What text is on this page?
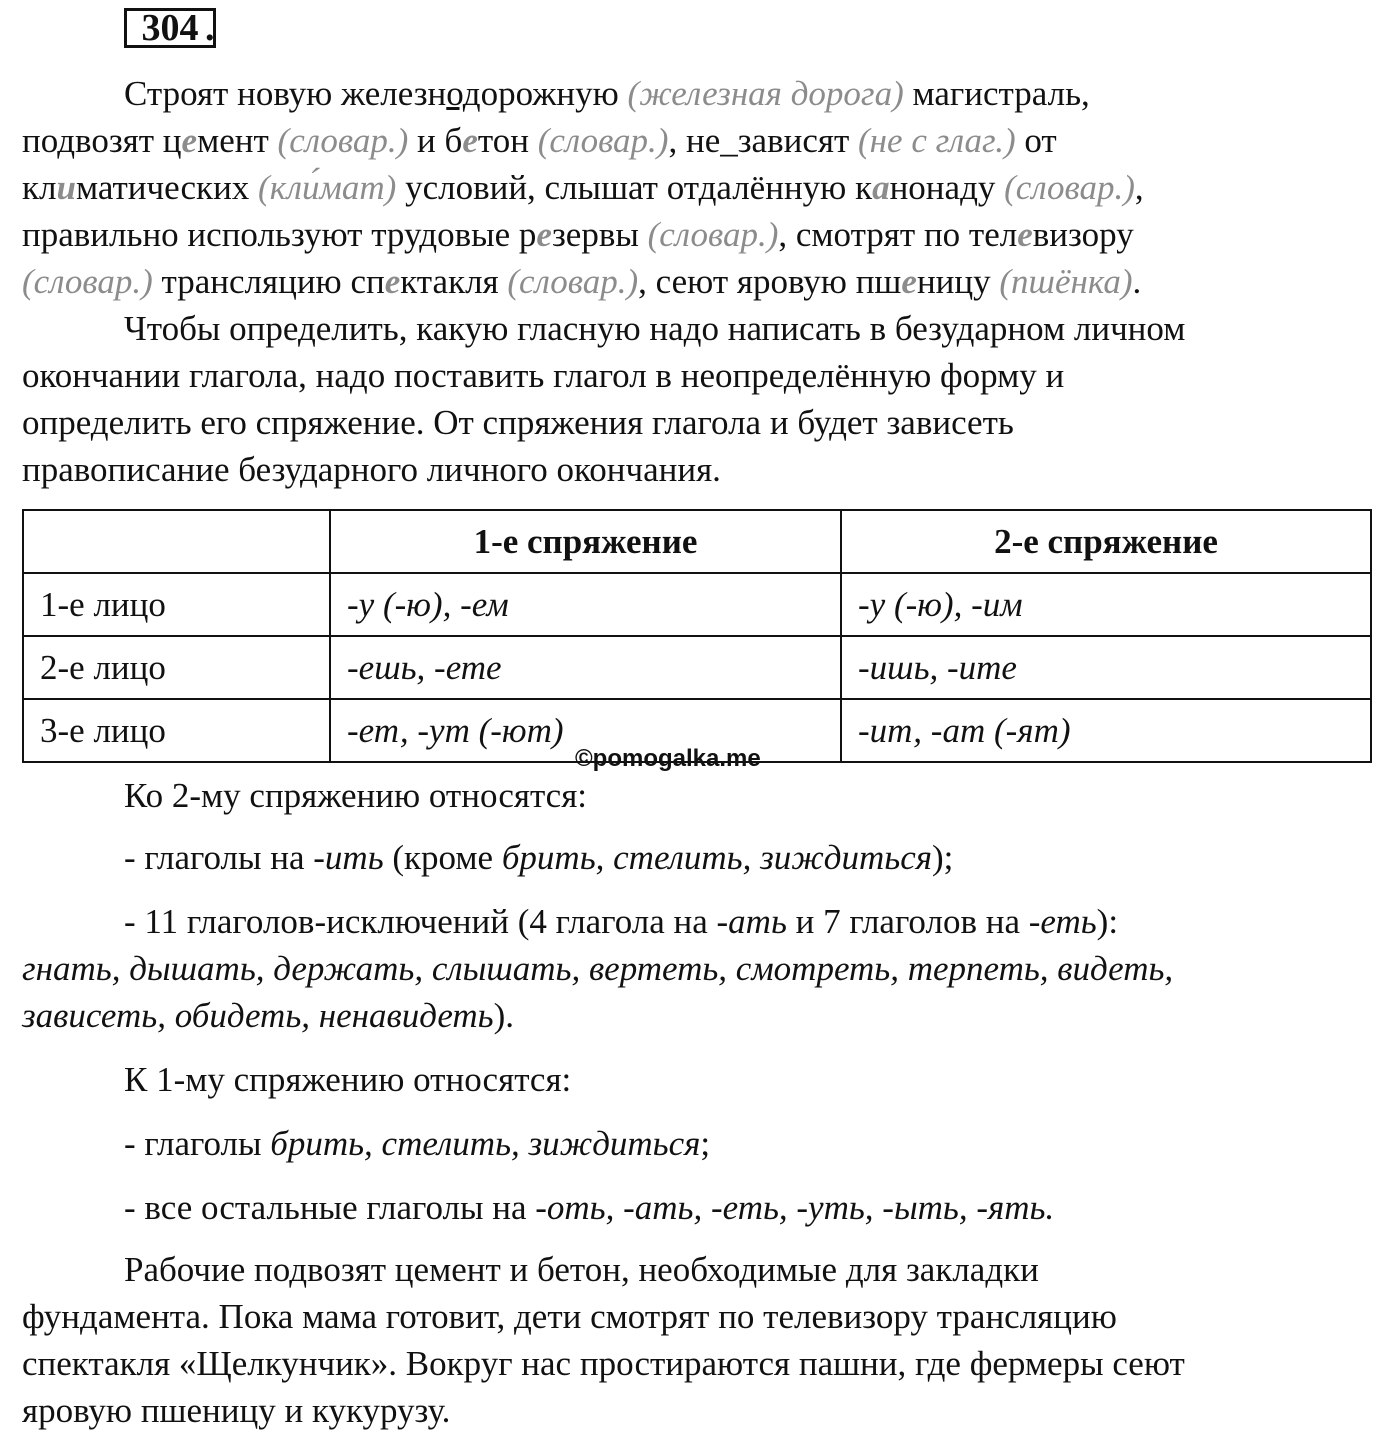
304 .
Строят новую железнодорожную (железная дорога) магистраль,
подвозят цемент (словар.) и бетон (словар.), не_зависят (не с глаг.) от
климатических (кли́мат) условий, слышат отдалённую канонаду (словар.),
правильно используют трудовые резервы (словар.), смотрят по телевизору
(словар.) трансляцию спектакля (словар.), сеют яровую пшеницу (пшёнка).
Чтобы определить, какую гласную надо написать в безударном личном
окончании глагола, надо поставить глагол в неопределённую форму и
определить его спряжение. От спряжения глагола и будет зависеть
правописание безударного личного окончания.
	1-е спряжение	2-е спряжение
1-е лицо	-у (-ю), -ем	-у (-ю), -им
2-е лицо	-ешь, -ете	-ишь, -ите
3-е лицо	-ет, -ут (-ют)	-ит, -ат (-ят)
©pomogalka.me

Ко 2-му спряжению относятся:

- глаголы на -ить (кроме брить, стелить, зиждиться);

- 11 глаголов-исключений (4 глагола на -ать и 7 глаголов на -еть):
гнать, дышать, держать, слышать, вертеть, смотреть, терпеть, видеть,
зависеть, обидеть, ненавидеть).

К 1-му спряжению относятся:

- глаголы брить, стелить, зиждиться;

- все остальные глаголы на -оть, -ать, -еть, -уть, -ыть, -ять.

Рабочие подвозят цемент и бетон, необходимые для закладки
фундамента. Пока мама готовит, дети смотрят по телевизору трансляцию
спектакля «Щелкунчик». Вокруг нас простираются пашни, где фермеры сеют
яровую пшеницу и кукурузу.
